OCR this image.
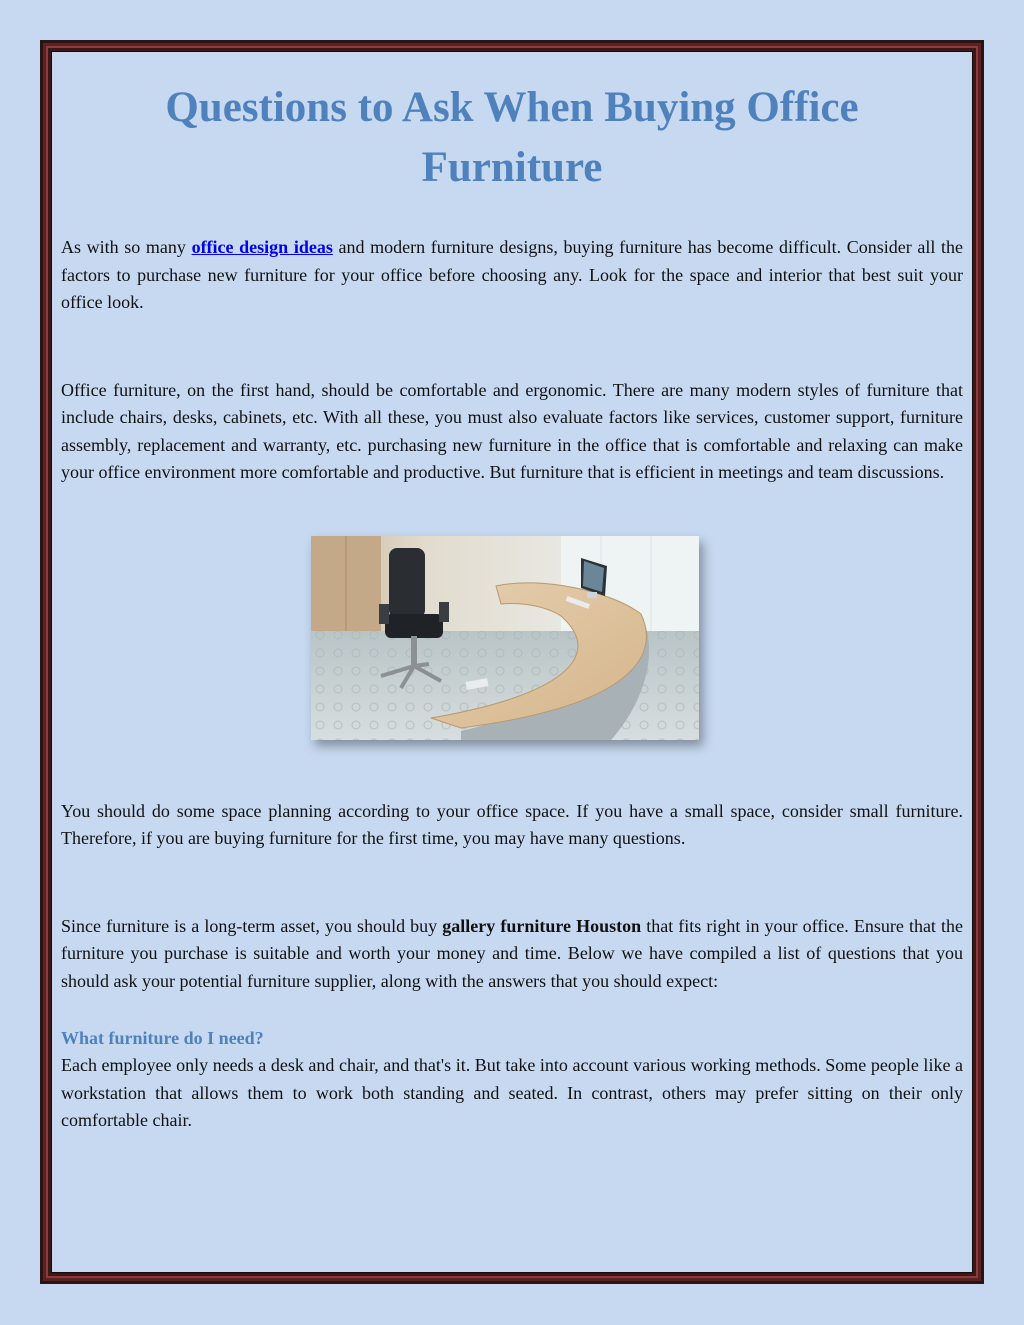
Questions to Ask When Buying Office
Furniture

As with so many office design ideas and modern furniture designs, buying furniture has become difficult. Consider all the factors to purchase new furniture for your office before choosing any. Look for the space and interior that best suit your office look.

Office furniture, on the first hand, should be comfortable and ergonomic. There are many modern styles of furniture that include chairs, desks, cabinets, etc. With all these, you must also evaluate factors like services, customer support, furniture assembly, replacement and warranty, etc. purchasing new furniture in the office that is comfortable and relaxing can make your office environment more comfortable and productive. But furniture that is efficient in meetings and team discussions.

You should do some space planning according to your office space. If you have a small space, consider small furniture. Therefore, if you are buying furniture for the first time, you may have many questions.

Since furniture is a long-term asset, you should buy gallery furniture Houston that fits right in your office. Ensure that the furniture you purchase is suitable and worth your money and time. Below we have compiled a list of questions that you should ask your potential furniture supplier, along with the answers that you should expect:

What furniture do I need?

Each employee only needs a desk and chair, and that's it. But take into account various working methods. Some people like a workstation that allows them to work both standing and seated. In contrast, others may prefer sitting on their only comfortable chair.
